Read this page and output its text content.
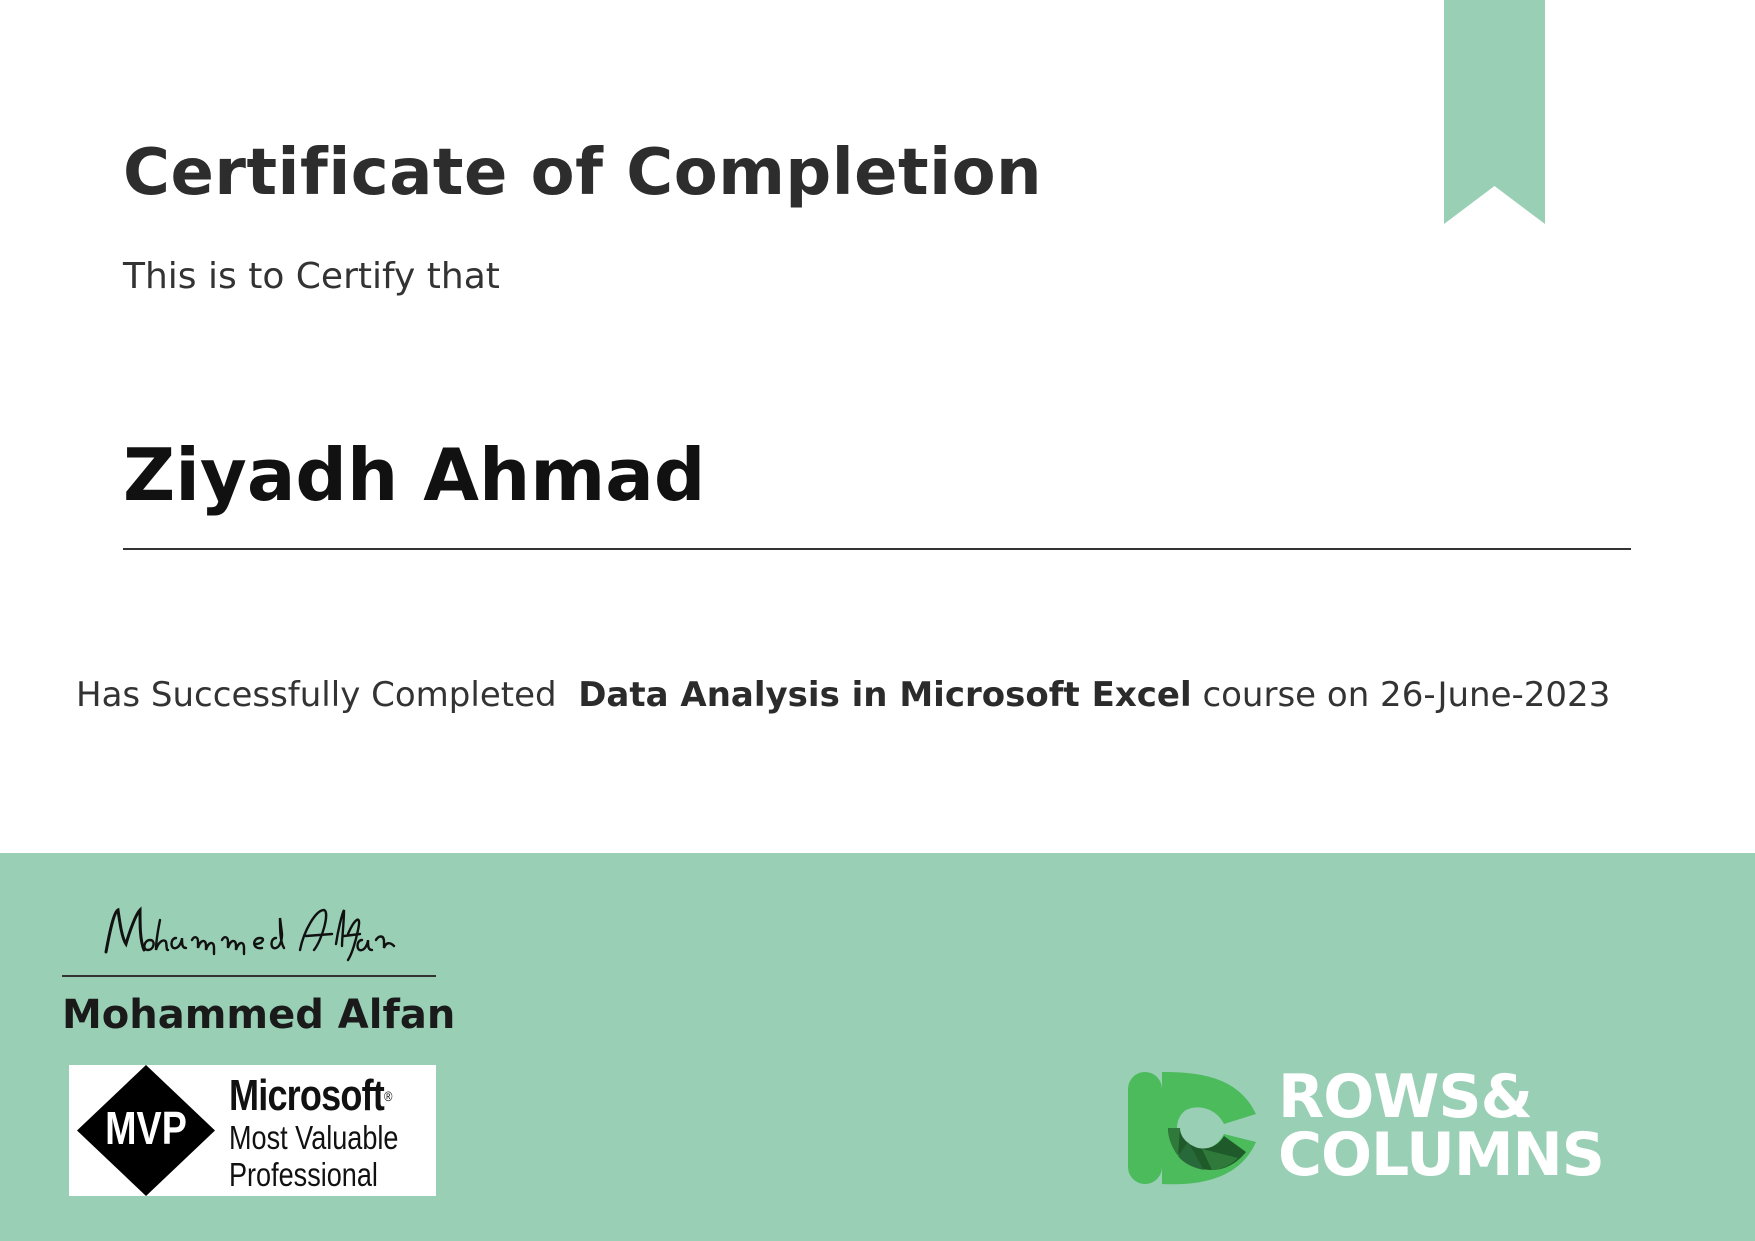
Certificate of Completion
This is to Certify that
Ziyadh Ahmad
Has Successfully Completed Data Analysis in Microsoft Excel course on 26-June-2023
Mohammed Alfan
MVP
Microsoft®
Most Valuable
Professional
ROWS&
COLUMNS
